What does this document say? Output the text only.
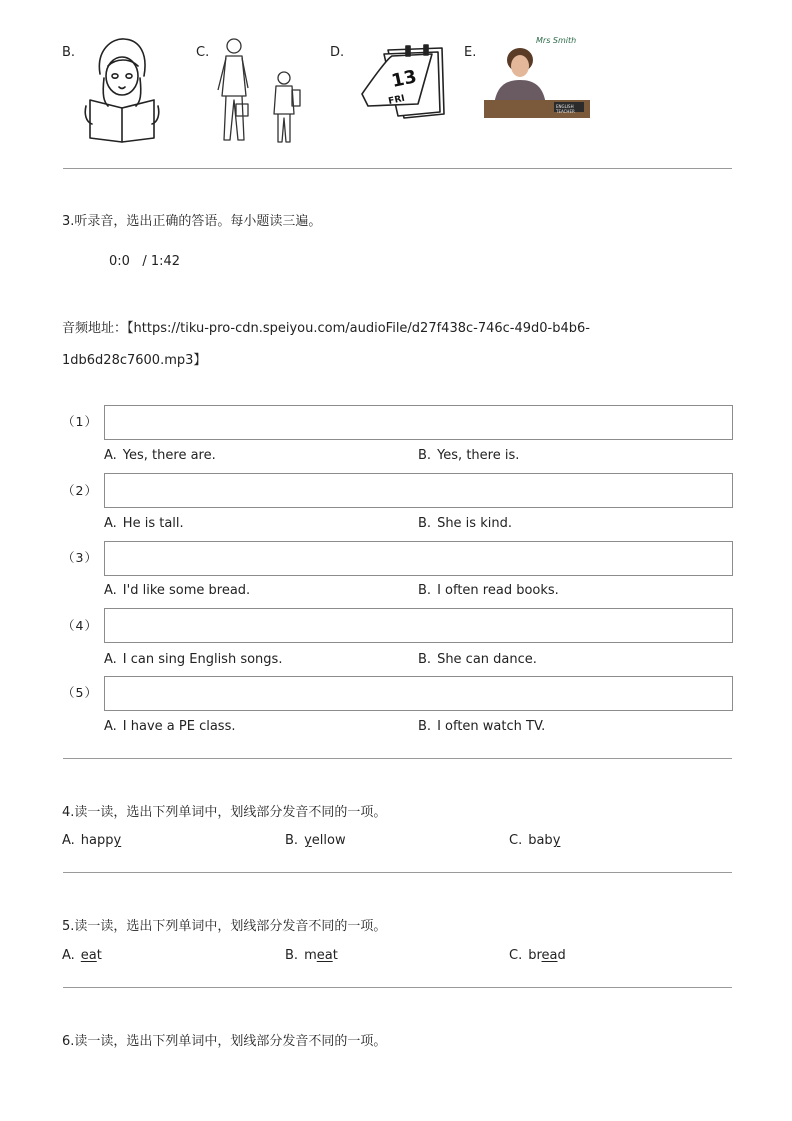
B.	C.	D.
13
FRI
E.
Mrs Smith
ENGLISH TEACHER
3.听录音，选出正确的答语。每小题读三遍。
0:0   / 1:42
音频地址：【https://tiku-pro-cdn.speiyou.com/audioFile/d27f438c-746c-49d0-b4b6-
1db6d28c7600.mp3】
（1）
A. Yes, there are.	B. Yes, there is.
（2）
A. He is tall.	B. She is kind.
（3）
A. I'd like some bread.	B. I often read books.
（4）
A. I can sing English songs.	B. She can dance.
（5）
A. I have a PE class.	B. I often watch TV.
4.读一读，选出下列单词中，划线部分发音不同的一项。
A. happy	B. yellow	C. baby
5.读一读，选出下列单词中，划线部分发音不同的一项。
A. eat	B. meat	C. bread
6.读一读，选出下列单词中，划线部分发音不同的一项。
